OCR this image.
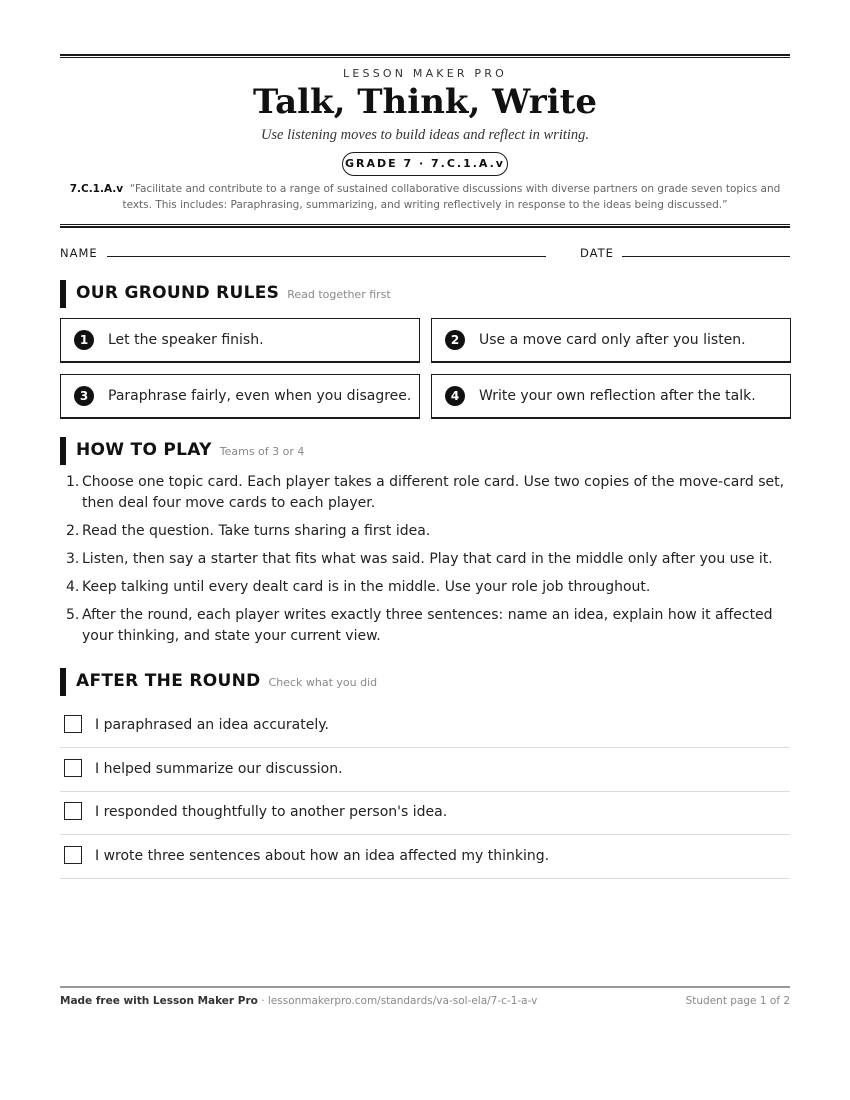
LESSON MAKER PRO
Talk, Think, Write
Use listening moves to build ideas and reflect in writing.
GRADE 7 · 7.C.1.A.v
7.C.1.A.v “Facilitate and contribute to a range of sustained collaborative discussions with diverse partners on grade seven topics and texts. This includes: Paraphrasing, summarizing, and writing reflectively in response to the ideas being discussed.”
NAME	DATE
OUR GROUND RULES Read together first
1	Let the speaker finish.	2	Use a move card only after you listen.
3	Paraphrase fairly, even when you disagree.	4	Write your own reflection after the talk.
HOW TO PLAY Teams of 3 or 4
1. Choose one topic card. Each player takes a different role card. Use two copies of the move-card set, then deal four move cards to each player.
2. Read the question. Take turns sharing a first idea.
3. Listen, then say a starter that fits what was said. Play that card in the middle only after you use it.
4. Keep talking until every dealt card is in the middle. Use your role job throughout.
5. After the round, each player writes exactly three sentences: name an idea, explain how it affected your thinking, and state your current view.
AFTER THE ROUND Check what you did
I paraphrased an idea accurately.
I helped summarize our discussion.
I responded thoughtfully to another person's idea.
I wrote three sentences about how an idea affected my thinking.
Made free with Lesson Maker Pro · lessonmakerpro.com/standards/va-sol-ela/7-c-1-a-v	Student page 1 of 2
